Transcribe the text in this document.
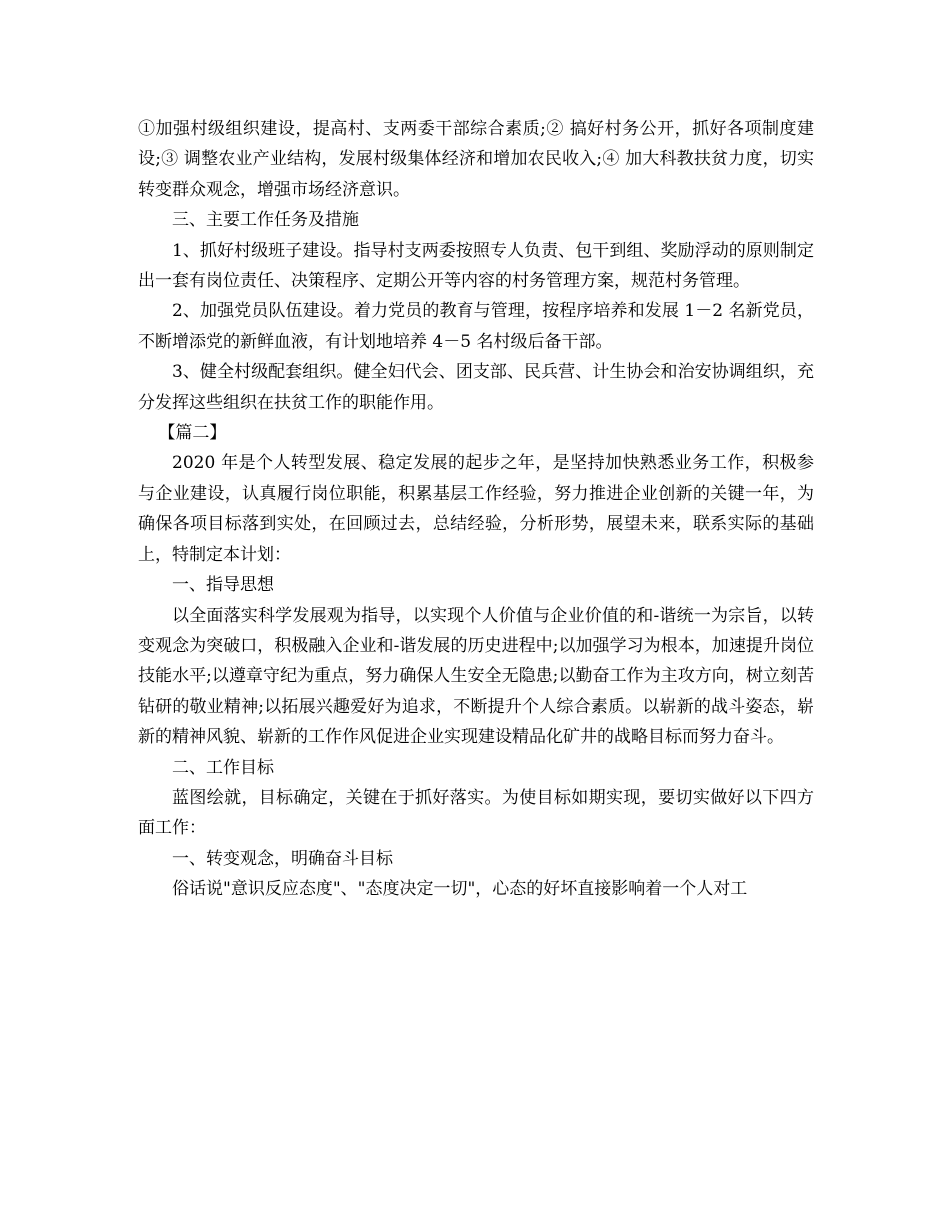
①加强村级组织建设，提高村、支两委干部综合素质;② 搞好村务公开，抓好各项制度建设;③ 调整农业产业结构，发展村级集体经济和增加农民收入;④ 加大科教扶贫力度，切实转变群众观念，增强市场经济意识。

三、主要工作任务及措施

1、抓好村级班子建设。指导村支两委按照专人负责、包干到组、奖励浮动的原则制定出一套有岗位责任、决策程序、定期公开等内容的村务管理方案，规范村务管理。

2、加强党员队伍建设。着力党员的教育与管理，按程序培养和发展 1－2 名新党员，不断增添党的新鲜血液，有计划地培养 4－5 名村级后备干部。

3、健全村级配套组织。健全妇代会、团支部、民兵营、计生协会和治安协调组织，充分发挥这些组织在扶贫工作的职能作用。

【篇二】

2020 年是个人转型发展、稳定发展的起步之年，是坚持加快熟悉业务工作，积极参与企业建设，认真履行岗位职能，积累基层工作经验，努力推进企业创新的关键一年，为确保各项目标落到实处，在回顾过去，总结经验，分析形势，展望未来，联系实际的基础上，特制定本计划：

一、指导思想

以全面落实科学发展观为指导，以实现个人价值与企业价值的和-谐统一为宗旨，以转变观念为突破口，积极融入企业和-谐发展的历史进程中;以加强学习为根本，加速提升岗位技能水平;以遵章守纪为重点，努力确保人生安全无隐患;以勤奋工作为主攻方向，树立刻苦钻研的敬业精神;以拓展兴趣爱好为追求，不断提升个人综合素质。以崭新的战斗姿态，崭新的精神风貌、崭新的工作作风促进企业实现建设精品化矿井的战略目标而努力奋斗。

二、工作目标

蓝图绘就，目标确定，关键在于抓好落实。为使目标如期实现，要切实做好以下四方面工作：

一、转变观念，明确奋斗目标

俗话说"意识反应态度"、"态度决定一切"，心态的好坏直接影响着一个人对工
